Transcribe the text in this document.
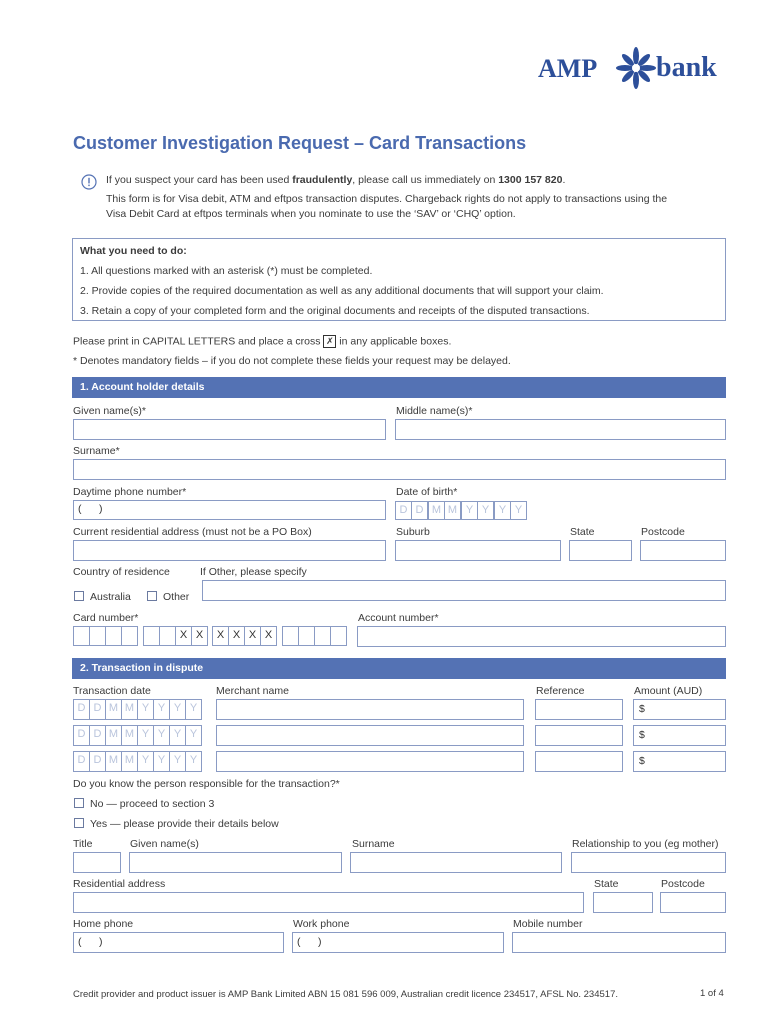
AMP bank
Customer Investigation Request – Card Transactions
If you suspect your card has been used fraudulently, please call us immediately on 1300 157 820.
This form is for Visa debit, ATM and eftpos transaction disputes. Chargeback rights do not apply to transactions using the
Visa Debit Card at eftpos terminals when you nominate to use the ‘SAV’ or ‘CHQ’ option.
What you need to do:
1. All questions marked with an asterisk (*) must be completed.
2. Provide copies of the required documentation as well as any additional documents that will support your claim.
3. Retain a copy of your completed form and the original documents and receipts of the disputed transactions.
Please print in CAPITAL LETTERS and place a cross ✗ in any applicable boxes.
* Denotes mandatory fields – if you do not complete these fields your request may be delayed.
1. Account holder details
Given name(s)*	Middle name(s)*
Surname*
Daytime phone number*
(      )
Date of birth*
D D M M Y Y Y Y
Current residential address (must not be a PO Box)	Suburb	State	Postcode
Country of residence	If Other, please specify
Australia	Other
Card number*	Account number*
X X	X X X X
2. Transaction in dispute
Transaction date	Merchant name	Reference	Amount (AUD)
D D M M Y Y Y Y	$
D D M M Y Y Y Y	$
D D M M Y Y Y Y	$
Do you know the person responsible for the transaction?*
No — proceed to section 3
Yes — please provide their details below
Title	Given name(s)	Surname	Relationship to you (eg mother)
Residential address	State	Postcode
Home phone	Work phone	Mobile number
(      )	(      )
Credit provider and product issuer is AMP Bank Limited ABN 15 081 596 009, Australian credit licence 234517, AFSL No. 234517.	1 of 4
